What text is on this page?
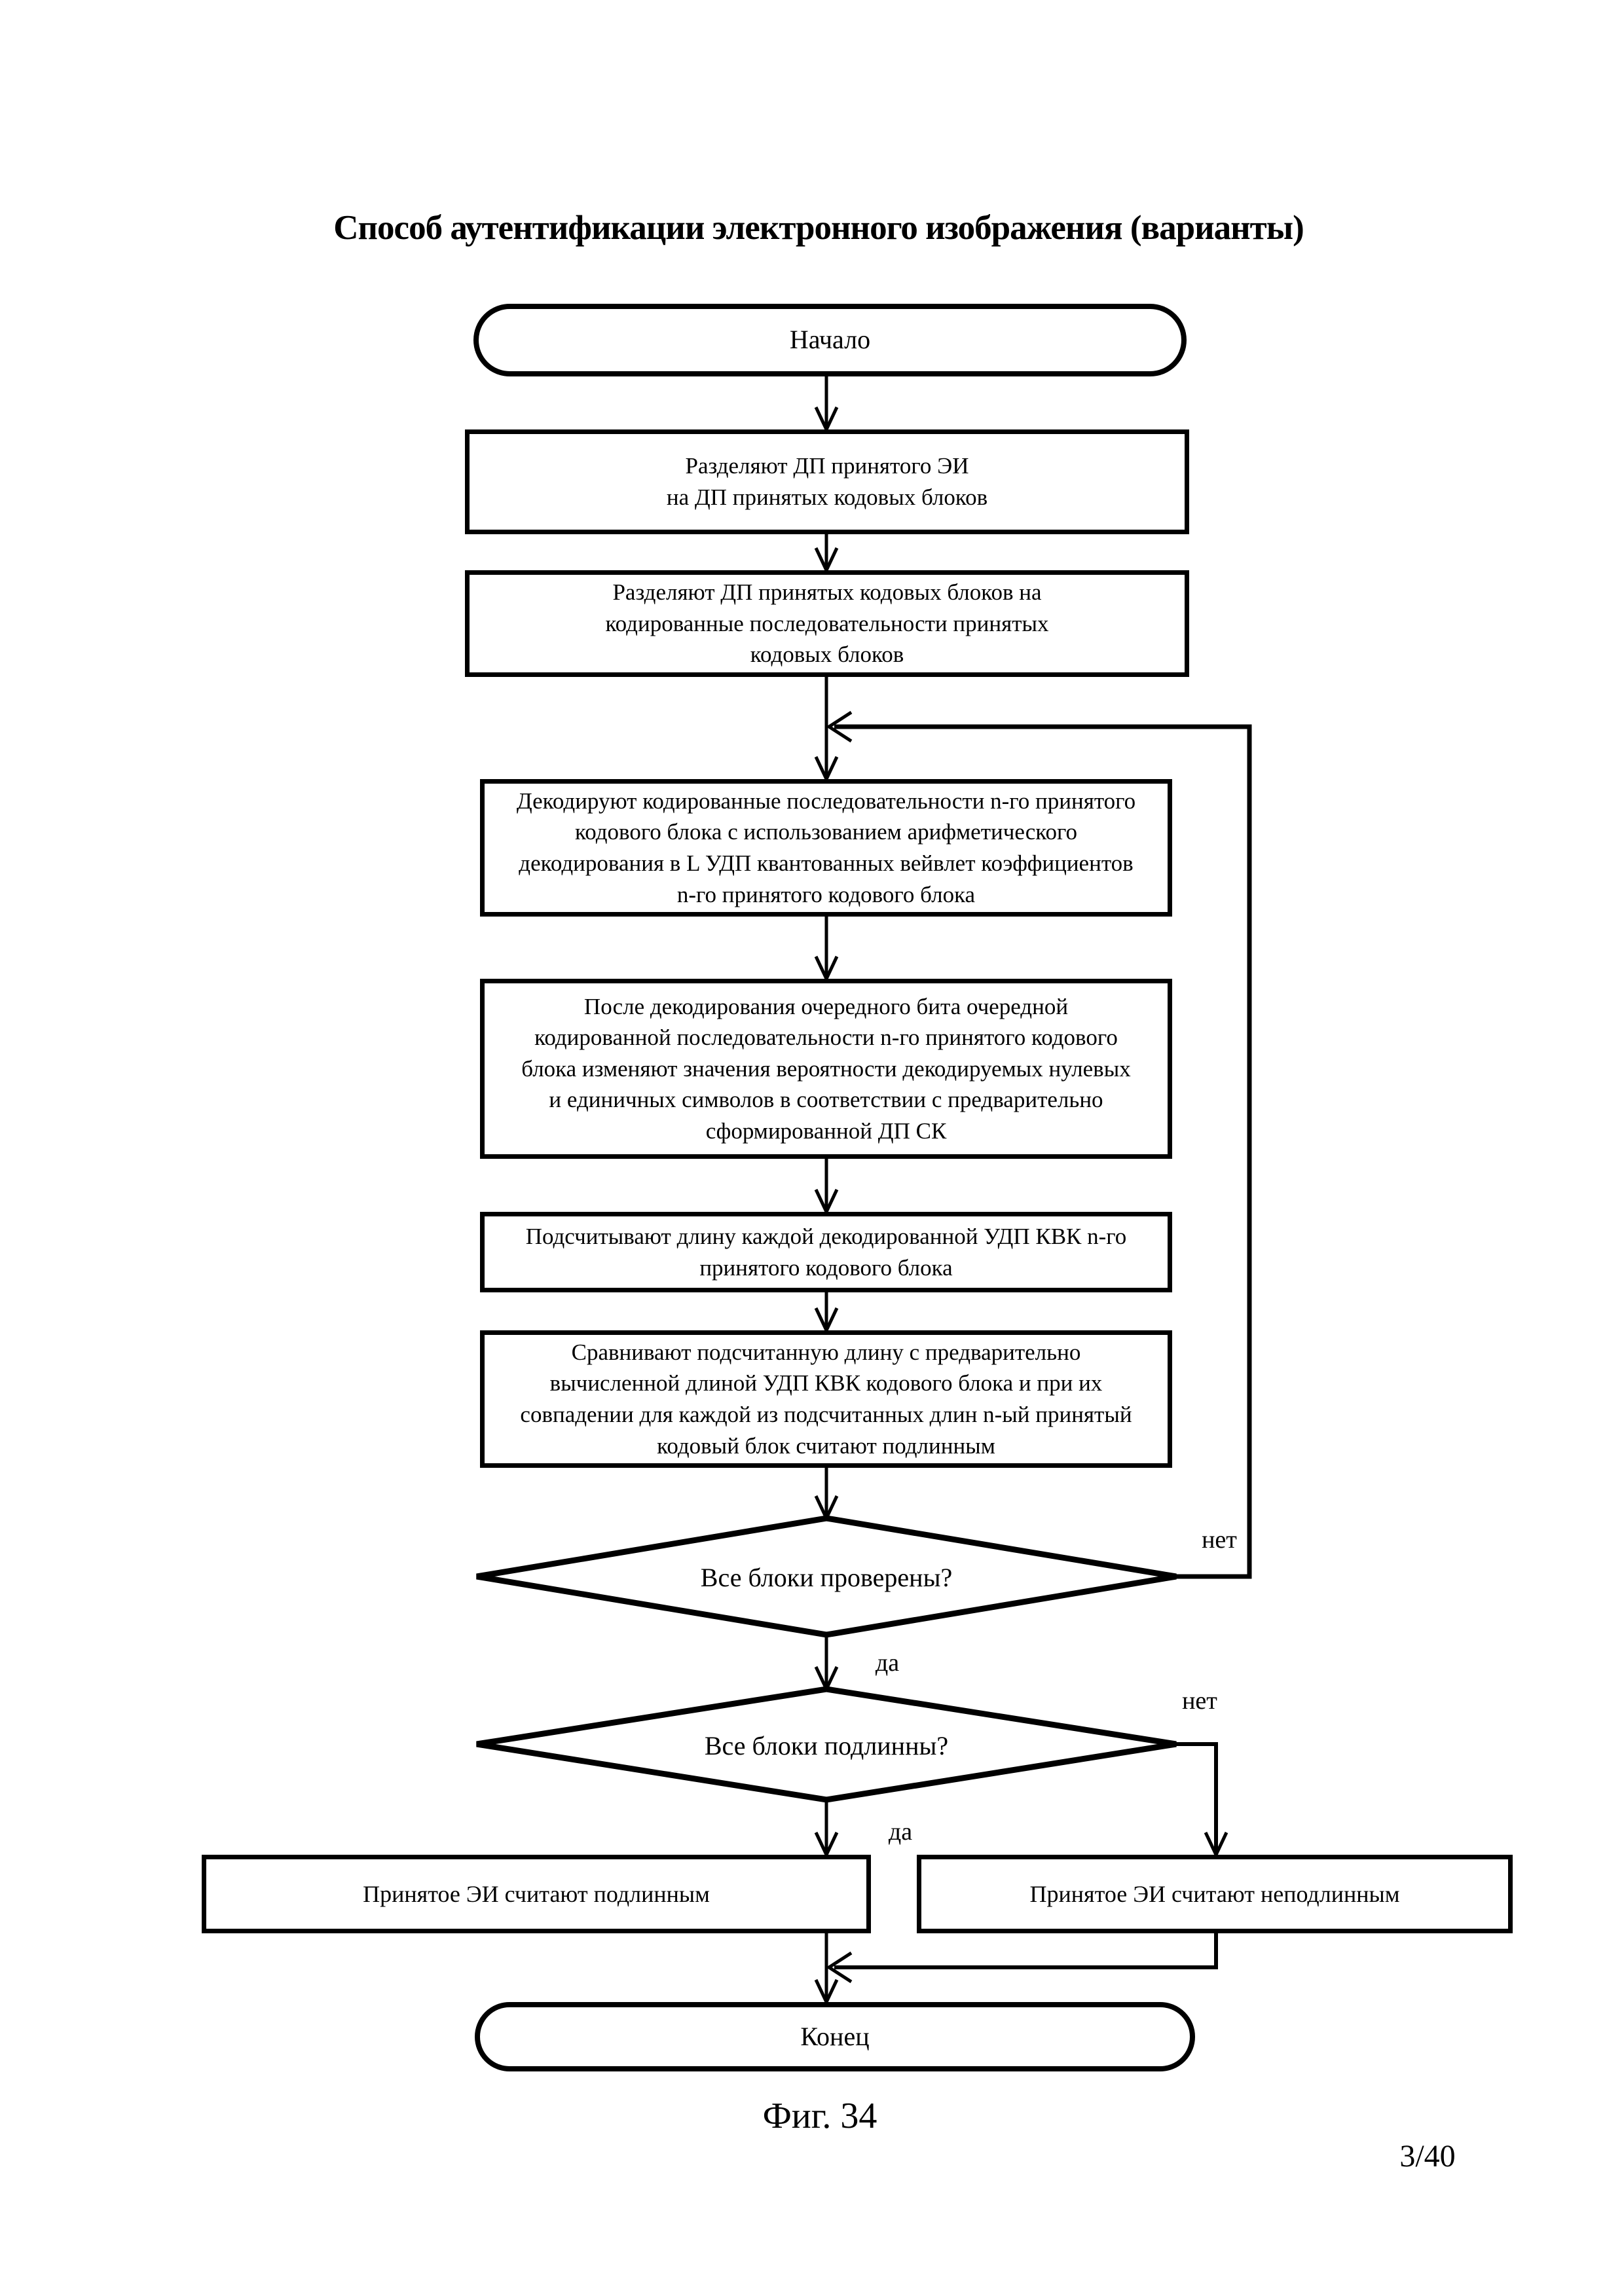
Способ аутентификации электронного изображения (варианты)
Начало
Разделяют ДП принятого ЭИ
на ДП принятых кодовых блоков
Разделяют ДП принятых кодовых блоков на
кодированные последовательности принятых
кодовых блоков
Декодируют кодированные последовательности n-го принятого
кодового блока с использованием арифметического
декодирования в L УДП квантованных вейвлет коэффициентов
n-го принятого кодового блока
После декодирования очередного бита очередной
кодированной последовательности n-го принятого кодового
блока изменяют значения вероятности декодируемых нулевых
и единичных символов в соответствии с предварительно
сформированной ДП СК
Подсчитывают длину каждой декодированной УДП КВК n-го
принятого кодового блока
Сравнивают подсчитанную длину с предварительно
вычисленной длиной УДП КВК кодового блока и при их
совпадении для каждой из подсчитанных длин n-ый принятый
кодовый блок считают подлинным
Все блоки проверены?
Все блоки подлинны?
нет
да
нет
да
Принятое ЭИ считают подлинным	Принятое ЭИ считают неподлинным
Конец
Фиг. 34
3/40
